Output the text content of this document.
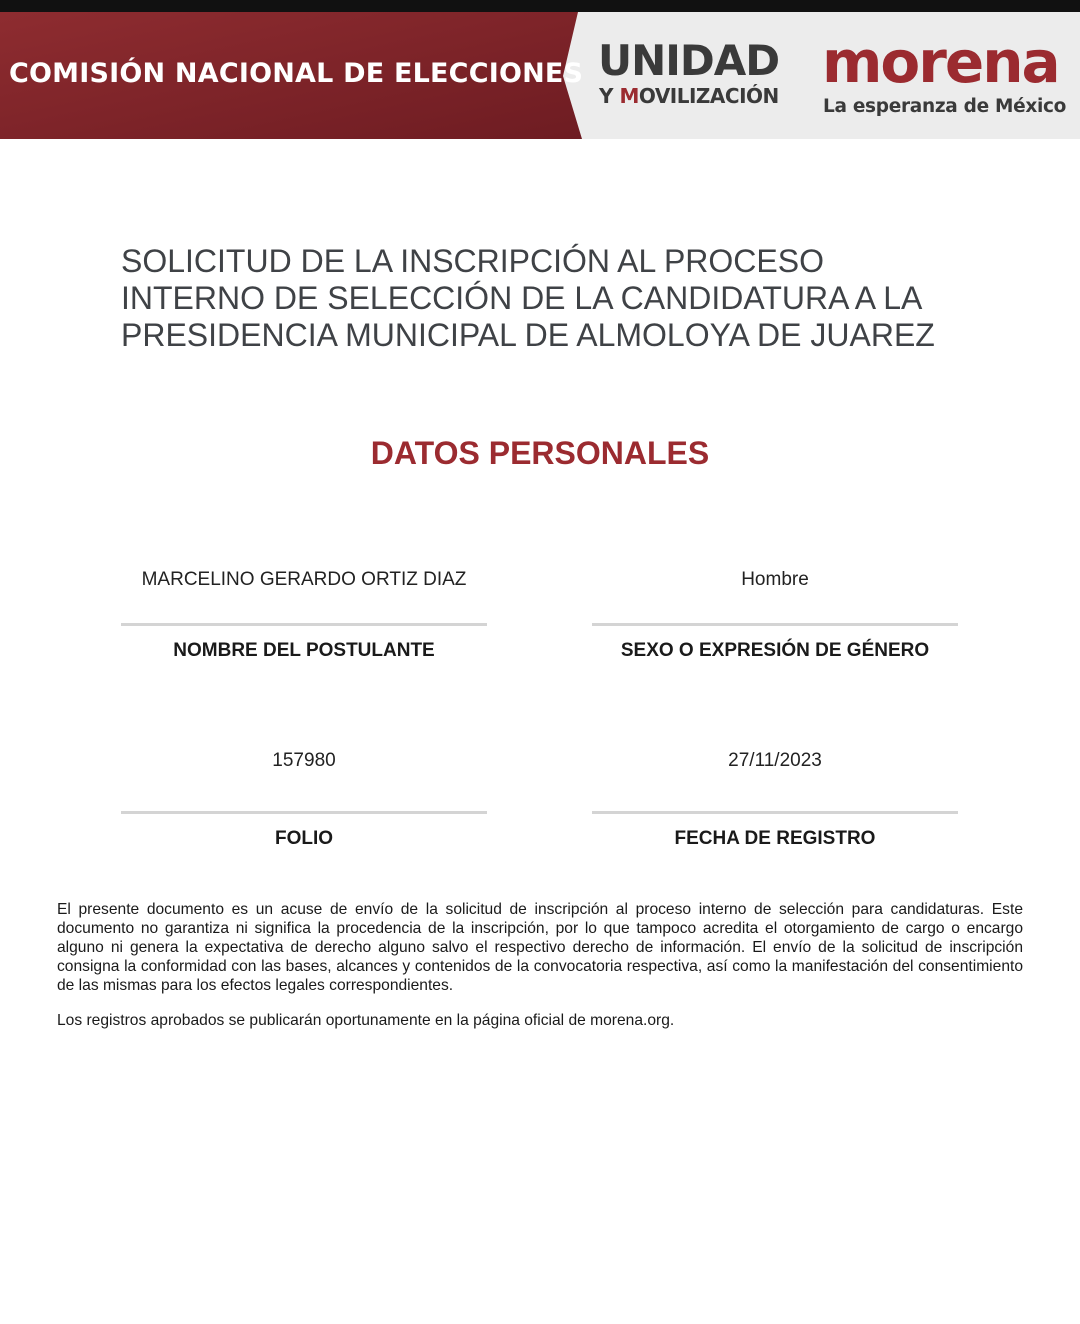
COMISIÓN NACIONAL DE ELECCIONES UNIDAD
Y MOVILIZACIÓN morena
La esperanza de México
SOLICITUD DE LA INSCRIPCIÓN AL PROCESO
INTERNO DE SELECCIÓN DE LA CANDIDATURA A LA
PRESIDENCIA MUNICIPAL DE ALMOLOYA DE JUAREZ
DATOS PERSONALES
MARCELINO GERARDO ORTIZ DIAZ
NOMBRE DEL POSTULANTE
Hombre
SEXO O EXPRESIÓN DE GÉNERO
157980
FOLIO
27/11/2023
FECHA DE REGISTRO

El presente documento es un acuse de envío de la solicitud de inscripción al proceso interno de selección para candidaturas. Este documento no garantiza ni significa la procedencia de la inscripción, por lo que tampoco acredita el otorgamiento de cargo o encargo alguno ni genera la expectativa de derecho alguno salvo el respectivo derecho de información. El envío de la solicitud de inscripción consigna la conformidad con las bases, alcances y contenidos de la convocatoria respectiva, así como la manifestación del consentimiento de las mismas para los efectos legales correspondientes.

Los registros aprobados se publicarán oportunamente en la página oficial de morena.org.
